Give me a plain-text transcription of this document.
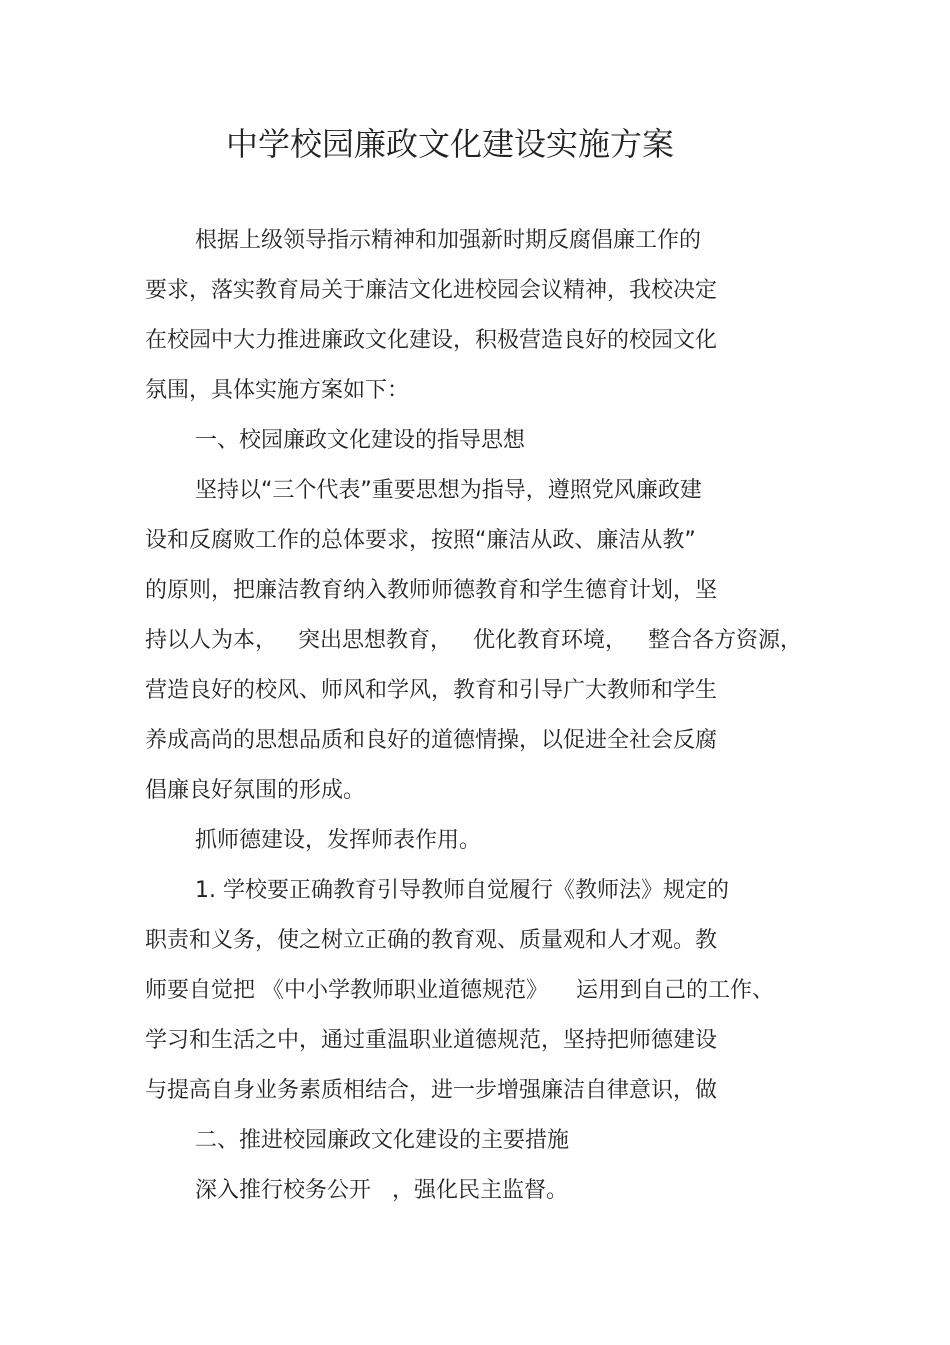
中学校园廉政文化建设实施方案
根据上级领导指示精神和加强新时期反腐倡廉工作的
要求，落实教育局关于廉洁文化进校园会议精神，我校决定
在校园中大力推进廉政文化建设，积极营造良好的校园文化
氛围，具体实施方案如下：
一、校园廉政文化建设的指导思想
坚持以“三个代表”重要思想为指导，遵照党风廉政建
设和反腐败工作的总体要求，按照“廉洁从政、廉洁从教”
的原则，把廉洁教育纳入教师师德教育和学生德育计划，坚
持以人为本，   突出思想教育，   优化教育环境，   整合各方资源，
营造良好的校风、师风和学风，教育和引导广大教师和学生
养成高尚的思想品质和良好的道德情操，以促进全社会反腐
倡廉良好氛围的形成。
抓师德建设，发挥师表作用。
1. 学校要正确教育引导教师自觉履行《教师法》规定的
职责和义务，使之树立正确的教育观、质量观和人才观。教
师要自觉把 《中小学教师职业道德规范》    运用到自己的工作、
学习和生活之中，通过重温职业道德规范，坚持把师德建设
与提高自身业务素质相结合，进一步增强廉洁自律意识，做
二、推进校园廉政文化建设的主要措施
深入推行校务公开   ，强化民主监督。
